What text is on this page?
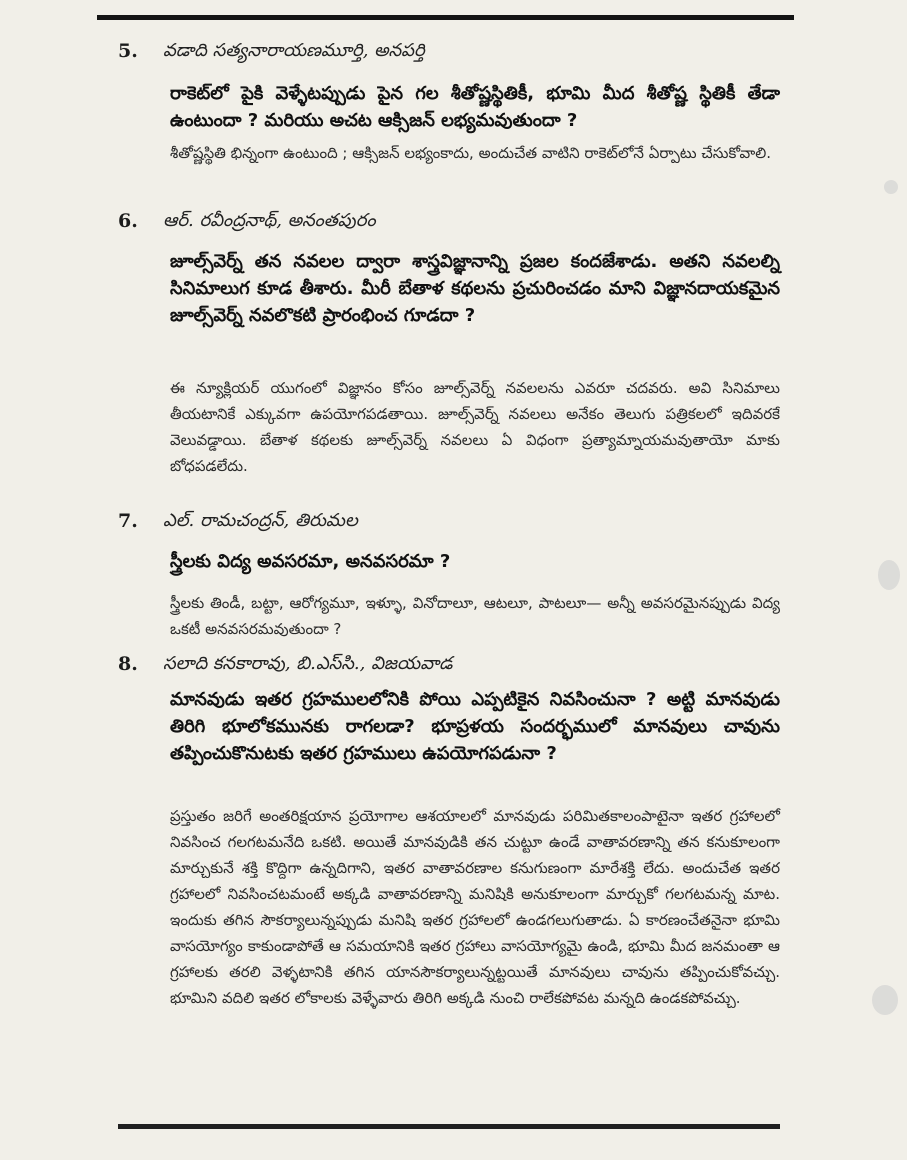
5. వడాది సత్యనారాయణమూర్తి, అనపర్తి
రాకెట్‌లో పైకి వెళ్ళేటప్పుడు పైన గల శీతోష్ణస్థితికీ, భూమి మీద శీతోష్ణ స్థితికీ తేడా ఉంటుందా ? మరియు అచట ఆక్సిజన్ లభ్యమవుతుందా ?
శీతోష్ణస్థితి భిన్నంగా ఉంటుంది ; ఆక్సిజన్ లభ్యంకాదు, అందుచేత వాటిని రాకెట్‌లోనే ఏర్పాటు చేసుకోవాలి.
6. ఆర్. రవీంద్రనాథ్, అనంతపురం
జూల్స్‌వెర్న్ తన నవలల ద్వారా శాస్త్రవిజ్ఞానాన్ని ప్రజల కందజేశాడు. అతని నవలల్ని సినిమాలుగ కూడ తీశారు. మీరీ బేతాళ కథలను ప్రచురించడం మాని విజ్ఞానదాయకమైన జూల్స్‌వెర్న్ నవలొకటి ప్రారంభించ గూడదా ?
ఈ న్యూక్లియర్ యుగంలో విజ్ఞానం కోసం జూల్స్‌వెర్న్ నవలలను ఎవరూ చదవరు. అవి సినిమాలు తీయటానికే ఎక్కువగా ఉపయోగపడతాయి. జూల్స్‌వెర్న్ నవలలు అనేకం తెలుగు పత్రికలలో ఇదివరకే వెలువడ్డాయి. బేతాళ కథలకు జూల్స్‌వెర్న్ నవలలు ఏ విధంగా ప్రత్యామ్నాయమవుతాయో మాకు బోధపడలేదు.
7. ఎల్. రామచంద్రన్, తిరుమల
స్త్రీలకు విద్య అవసరమా, అనవసరమా ?
స్త్రీలకు తిండీ, బట్టా, ఆరోగ్యమూ, ఇళ్ళూ, వినోదాలూ, ఆటలూ, పాటలూ— అన్నీ అవసరమైనప్పుడు విద్య ఒకటీ అనవసరమవుతుందా ?
8. సలాది కనకారావు, బి.ఎస్‌సి., విజయవాడ
మానవుడు ఇతర గ్రహములలోనికి పోయి ఎప్పటికైన నివసించునా ? అట్టి మానవుడు తిరిగి భూలోకమునకు రాగలడా? భూప్రళయ సందర్భములో మానవులు చావును తప్పించుకొనుటకు ఇతర గ్రహములు ఉపయోగపడునా ?
ప్రస్తుతం జరిగే అంతరిక్షయాన ప్రయోగాల ఆశయాలలో మానవుడు పరిమితకాలంపాటైనా ఇతర గ్రహాలలో నివసించ గలగటమనేది ఒకటి. అయితే మానవుడికి తన చుట్టూ ఉండే వాతావరణాన్ని తన కనుకూలంగా మార్చుకునే శక్తి కొద్దిగా ఉన్నదిగాని, ఇతర వాతావరణాల కనుగుణంగా మారేశక్తి లేదు. అందుచేత ఇతర గ్రహాలలో నివసించటమంటే అక్కడి వాతావరణాన్ని మనిషికి అనుకూలంగా మార్చుకో గలగటమన్న మాట. ఇందుకు తగిన సౌకర్యాలున్నప్పుడు మనిషి ఇతర గ్రహాలలో ఉండగలుగుతాడు. ఏ కారణంచేతనైనా భూమి వాసయోగ్యం కాకుండాపోతే ఆ సమయానికి ఇతర గ్రహాలు వాసయోగ్యమై ఉండి, భూమి మీద జనమంతా ఆ గ్రహాలకు తరలి వెళ్ళటానికి తగిన యానసౌకర్యాలున్నట్టయితే మానవులు చావును తప్పించుకోవచ్చు. భూమిని వదిలి ఇతర లోకాలకు వెళ్ళేవారు తిరిగి అక్కడి నుంచి రాలేకపోవట మన్నది ఉండకపోవచ్చు.
